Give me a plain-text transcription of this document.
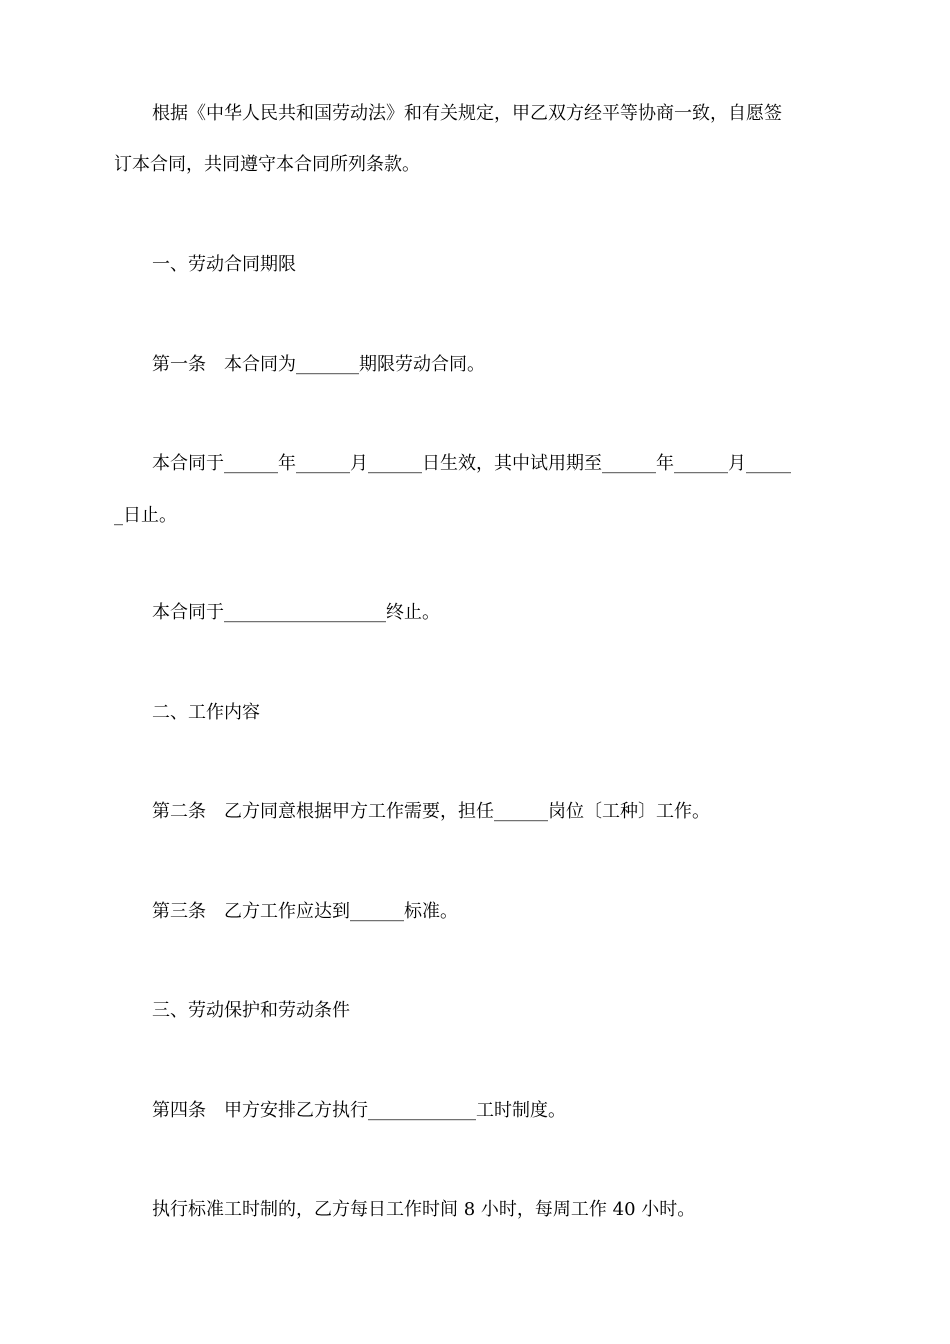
根据《中华人民共和国劳动法》和有关规定，甲乙双方经平等协商一致，自愿签
订本合同，共同遵守本合同所列条款。
一、劳动合同期限
第一条　本合同为_______期限劳动合同。
本合同于______年______月______日生效，其中试用期至______年______月_____
_日止。
本合同于__________________终止。
二、工作内容
第二条　乙方同意根据甲方工作需要，担任______岗位〔工种〕工作。
第三条　乙方工作应达到______标准。
三、劳动保护和劳动条件
第四条　甲方安排乙方执行____________工时制度。
执行标准工时制的，乙方每日工作时间 8 小时，每周工作 40 小时。
